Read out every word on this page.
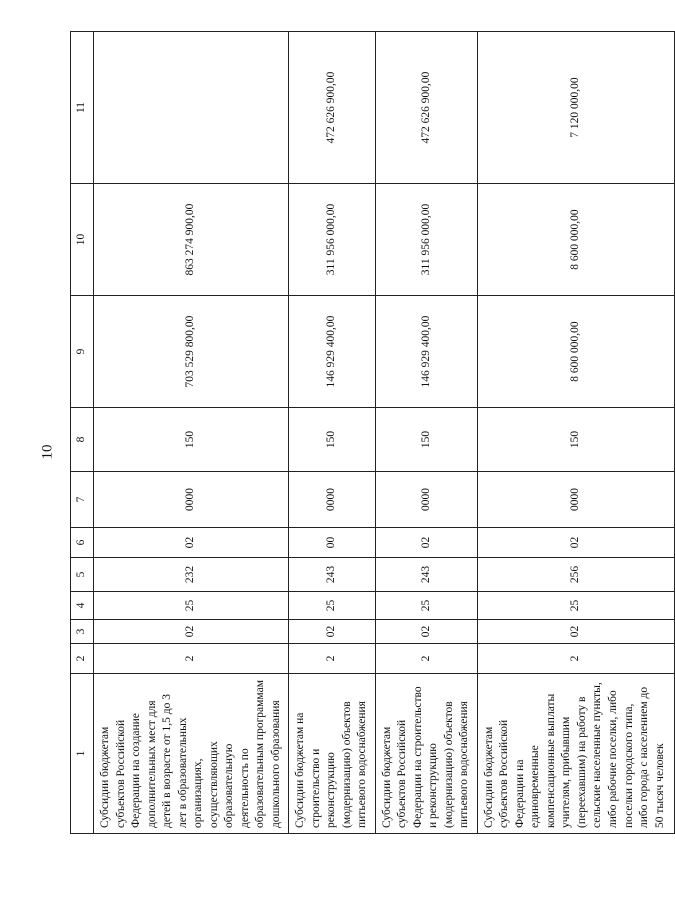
10
1	2	3	4	5	6	7	8	9	10	11
Субсидии бюджетам субъектов Российской Федерации на создание дополнительных мест для детей в возрасте от 1,5 до 3 лет в образовательных организациях, осуществляющих образовательную деятельность по образовательным программам дошкольного образования	2	02	25	232	02	0000	150	703 529 800,00	863 274 900,00	
Субсидии бюджетам на строительство и реконструкцию (модернизацию) объектов питьевого водоснабжения	2	02	25	243	00	0000	150	146 929 400,00	311 956 000,00	472 626 900,00
Субсидии бюджетам субъектов Российской Федерации на строительство и реконструкцию (модернизацию) объектов питьевого водоснабжения	2	02	25	243	02	0000	150	146 929 400,00	311 956 000,00	472 626 900,00
Субсидии бюджетам субъектов Российской Федерации на единовременные компенсационные выплаты учителям, прибывшим (переехавшим) на работу в сельские населенные пункты, либо рабочие поселки, либо поселки городского типа, либо города с населением до 50 тысяч человек	2	02	25	256	02	0000	150	8 600 000,00	8 600 000,00	7 120 000,00
